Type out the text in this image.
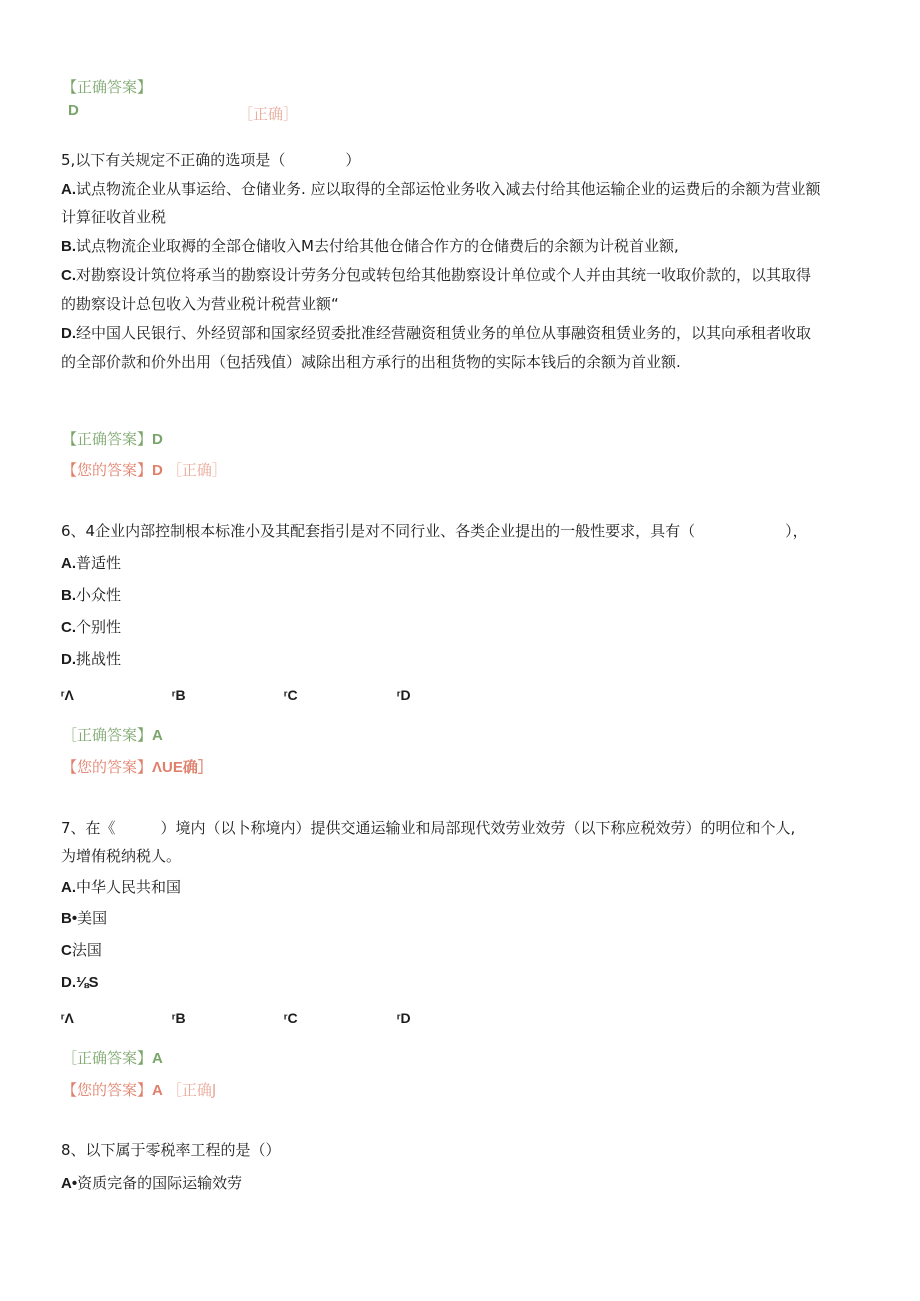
【正确答案】
D	［正确］
5,以下有关规定不正确的选项是（　　　　）
A.试点物流企业从事运给、仓储业务. 应以取得的全部运怆业务收入减去付给其他运输企业的运费后的余额为营业额
计算征收首业税
B.试点物流企业取褥的全部仓储收入M去付给其他仓储合作方的仓储费后的余额为计税首业额,
C.对勘察设计筑位将承当的勘察设计劳务分包或转包给其他勘察设计单位或个人并由其统一收取价款的，以其取得
的勘察设计总包收入为营业税计税营业额“
D.经中国人民银行、外经贸部和国家经贸委批准经营融资租赁业务的单位从事融资租赁业务的，以其向承租者收取
的全部价款和价外出用（包括残值）减除出租方承行的出租货物的实际本钱后的余额为首业额.
【正确答案】D
【您的答案】D ［正确］
6、4企业内部控制根本标准小及其配套指引是对不同行业、各类企业提出的一般性要求，具有（　　　　　　），
A.普适性
B.小众性
C.个别性
D.挑战性
ʳΛ	ʳB	ʳC	ʳD
［正确答案】A
【您的答案】ΛUE确］
7、在《　　　）境内（以卜称境内）提供交通运输业和局部现代效劳业效劳（以下称应税效劳）的明位和个人,
为增侑税纳税人。
A.中华人民共和国
B•美国
C法国
D.⅛S
ʳΛ	ʳB	ʳC	ʳD
［正确答案】A
【您的答案】A ［正确J
8、以下属于零税率工程的是（）
A•资质完备的国际运输效劳
